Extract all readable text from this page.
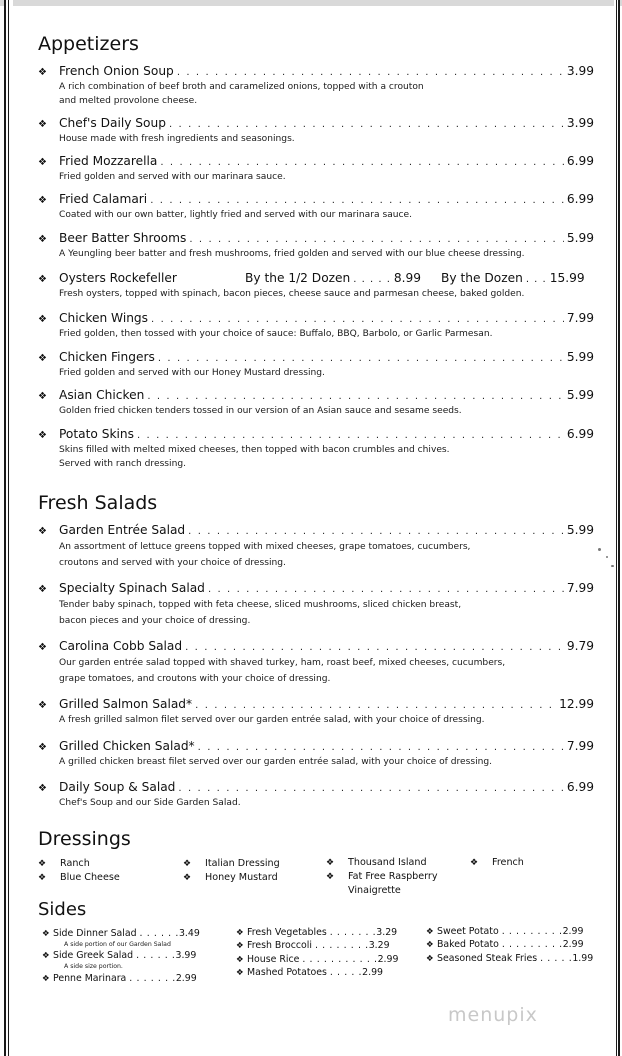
Appetizers
❖ French Onion Soup . . .	3.99
A rich combination of beef broth and caramelized onions, topped with a crouton
and melted provolone cheese.
❖ Chef's Daily Soup . . .	3.99
House made with fresh ingredients and seasonings.
❖ Fried Mozzarella . . .	6.99
Fried golden and served with our marinara sauce.
❖ Fried Calamari . . .	6.99
Coated with our own batter, lightly fried and served with our marinara sauce.
❖ Beer Batter Shrooms . . .	5.99
A Yeungling beer batter and fresh mushrooms, fried golden and served with our blue cheese dressing.
❖ Oysters Rockefeller	By the 1/2 Dozen . . . . . 8.99 By the Dozen . . . 15.99
Fresh oysters, topped with spinach, bacon pieces, cheese sauce and parmesan cheese, baked golden.
❖ Chicken Wings . . .	7.99
Fried golden, then tossed with your choice of sauce: Buffalo, BBQ, Barbolo, or Garlic Parmesan.
❖ Chicken Fingers . . .	5.99
Fried golden and served with our Honey Mustard dressing.
❖ Asian Chicken . . .	5.99
Golden fried chicken tenders tossed in our version of an Asian sauce and sesame seeds.
❖ Potato Skins . . .	6.99
Skins filled with melted mixed cheeses, then topped with bacon crumbles and chives.
Served with ranch dressing.
Fresh Salads
❖ Garden Entrée Salad . . .	5.99
An assortment of lettuce greens topped with mixed cheeses, grape tomatoes, cucumbers,
croutons and served with your choice of dressing.
❖ Specialty Spinach Salad . . .	7.99
Tender baby spinach, topped with feta cheese, sliced mushrooms, sliced chicken breast,
bacon pieces and your choice of dressing.
❖ Carolina Cobb Salad . . .	9.79
Our garden entrée salad topped with shaved turkey, ham, roast beef, mixed cheeses, cucumbers,
grape tomatoes, and croutons with your choice of dressing.
❖ Grilled Salmon Salad* . . .	12.99
A fresh grilled salmon filet served over our garden entrée salad, with your choice of dressing.
❖ Grilled Chicken Salad* . . .	7.99
A grilled chicken breast filet served over our garden entrée salad, with your choice of dressing.
❖ Daily Soup & Salad . . .	6.99
Chef's Soup and our Side Garden Salad.
Dressings
❖ Ranch
❖ Blue Cheese
❖ Italian Dressing
❖ Honey Mustard
❖ Thousand Island
❖ Fat Free Raspberry
Vinaigrette
❖ French
Sides
❖ Side Dinner Salad . . . . . .3.49
A side portion of our Garden Salad
❖ Side Greek Salad . . . . . .3.99
A side size portion.
❖ Penne Marinara . . . . . . .2.99
❖ Fresh Vegetables . . . . . . .3.29
❖ Fresh Broccoli . . . . . . . .3.29
❖ House Rice . . . . . . . . . . .2.99
❖ Mashed Potatoes . . . . .2.99
❖ Sweet Potato . . . . . . . . .2.99
❖ Baked Potato . . . . . . . . .2.99
❖ Seasoned Steak Fries . . . . .1.99
menupix
